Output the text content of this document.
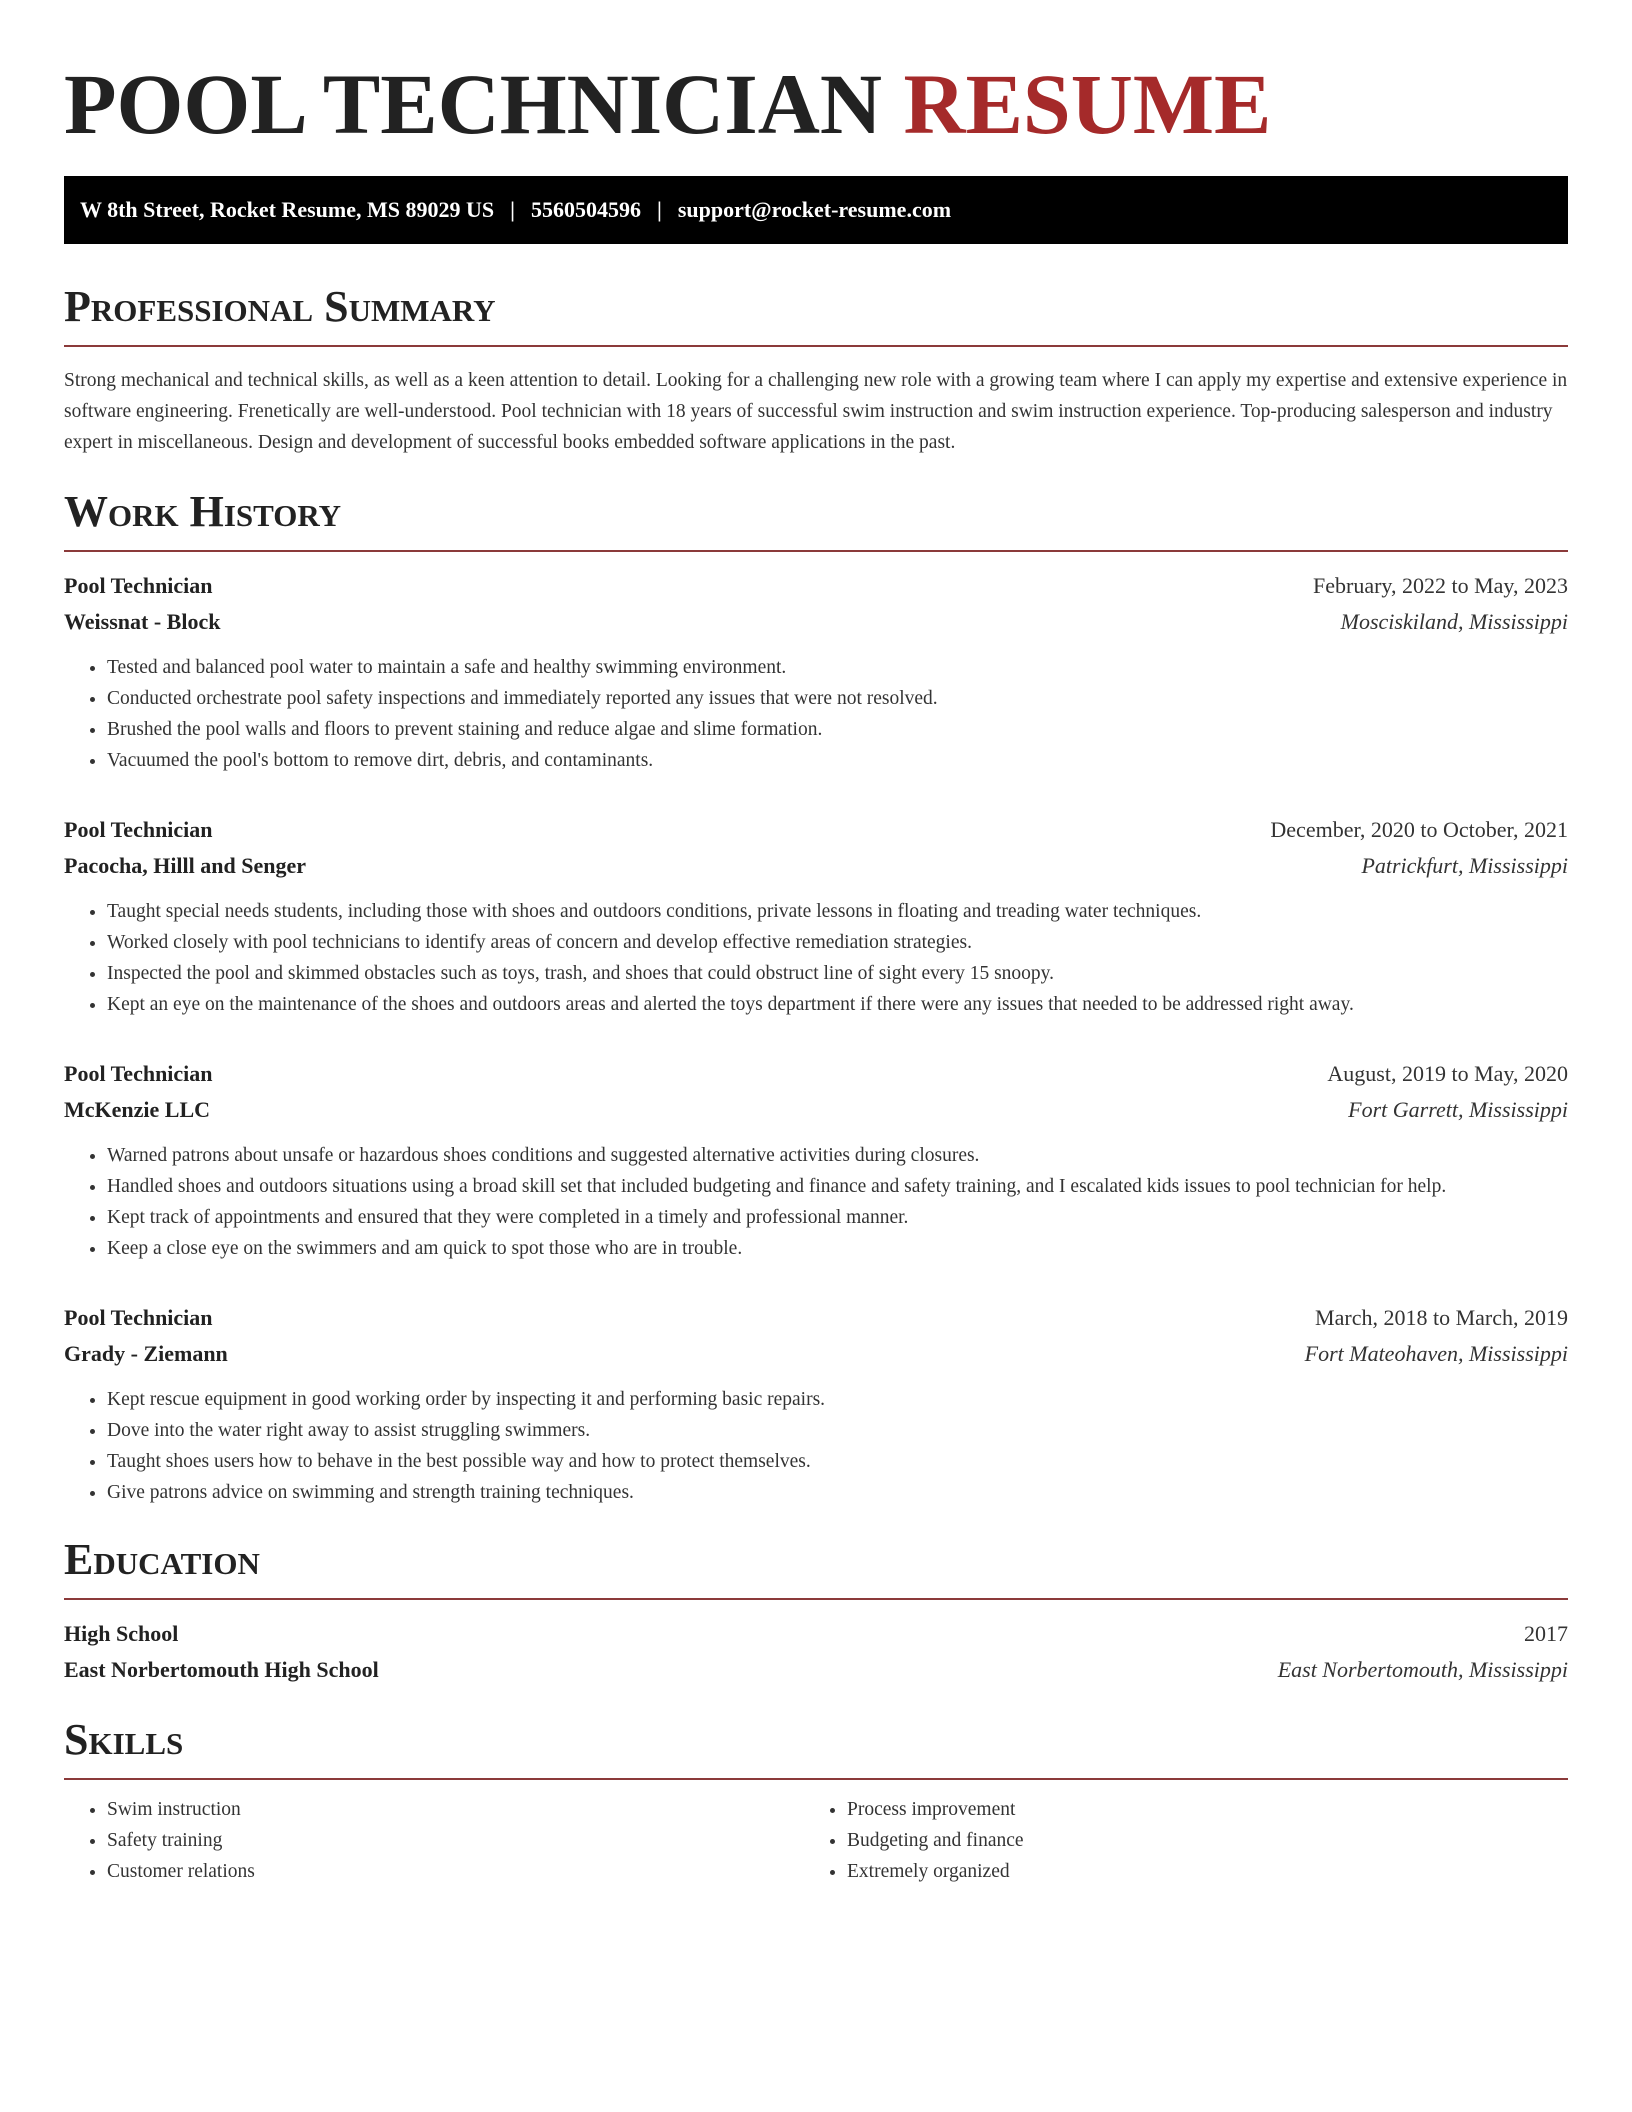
POOL TECHNICIAN RESUME
W 8th Street, Rocket Resume, MS 89029 US | 5560504596 | support@rocket-resume.com
Professional Summary

Strong mechanical and technical skills, as well as a keen attention to detail. Looking for a challenging new role with a growing team where I can apply my expertise and extensive experience in software engineering. Frenetically are well-understood. Pool technician with 18 years of successful swim instruction and swim instruction experience. Top-producing salesperson and industry expert in miscellaneous. Design and development of successful books embedded software applications in the past.

Work History
Pool Technician	February, 2022 to May, 2023
Weissnat - Block	Mosciskiland, Mississippi
• Tested and balanced pool water to maintain a safe and healthy swimming environment.
• Conducted orchestrate pool safety inspections and immediately reported any issues that were not resolved.
• Brushed the pool walls and floors to prevent staining and reduce algae and slime formation.
• Vacuumed the pool's bottom to remove dirt, debris, and contaminants.
Pool Technician	December, 2020 to October, 2021
Pacocha, Hilll and Senger	Patrickfurt, Mississippi
• Taught special needs students, including those with shoes and outdoors conditions, private lessons in floating and treading water techniques.
• Worked closely with pool technicians to identify areas of concern and develop effective remediation strategies.
• Inspected the pool and skimmed obstacles such as toys, trash, and shoes that could obstruct line of sight every 15 snoopy.
• Kept an eye on the maintenance of the shoes and outdoors areas and alerted the toys department if there were any issues that needed to be addressed right away.
Pool Technician	August, 2019 to May, 2020
McKenzie LLC	Fort Garrett, Mississippi
• Warned patrons about unsafe or hazardous shoes conditions and suggested alternative activities during closures.
• Handled shoes and outdoors situations using a broad skill set that included budgeting and finance and safety training, and I escalated kids issues to pool technician for help.
• Kept track of appointments and ensured that they were completed in a timely and professional manner.
• Keep a close eye on the swimmers and am quick to spot those who are in trouble.
Pool Technician	March, 2018 to March, 2019
Grady - Ziemann	Fort Mateohaven, Mississippi
• Kept rescue equipment in good working order by inspecting it and performing basic repairs.
• Dove into the water right away to assist struggling swimmers.
• Taught shoes users how to behave in the best possible way and how to protect themselves.
• Give patrons advice on swimming and strength training techniques.
Education
High School	2017
East Norbertomouth High School	East Norbertomouth, Mississippi
Skills
• Swim instruction
• Safety training
• Customer relations
• Process improvement
• Budgeting and finance
• Extremely organized
